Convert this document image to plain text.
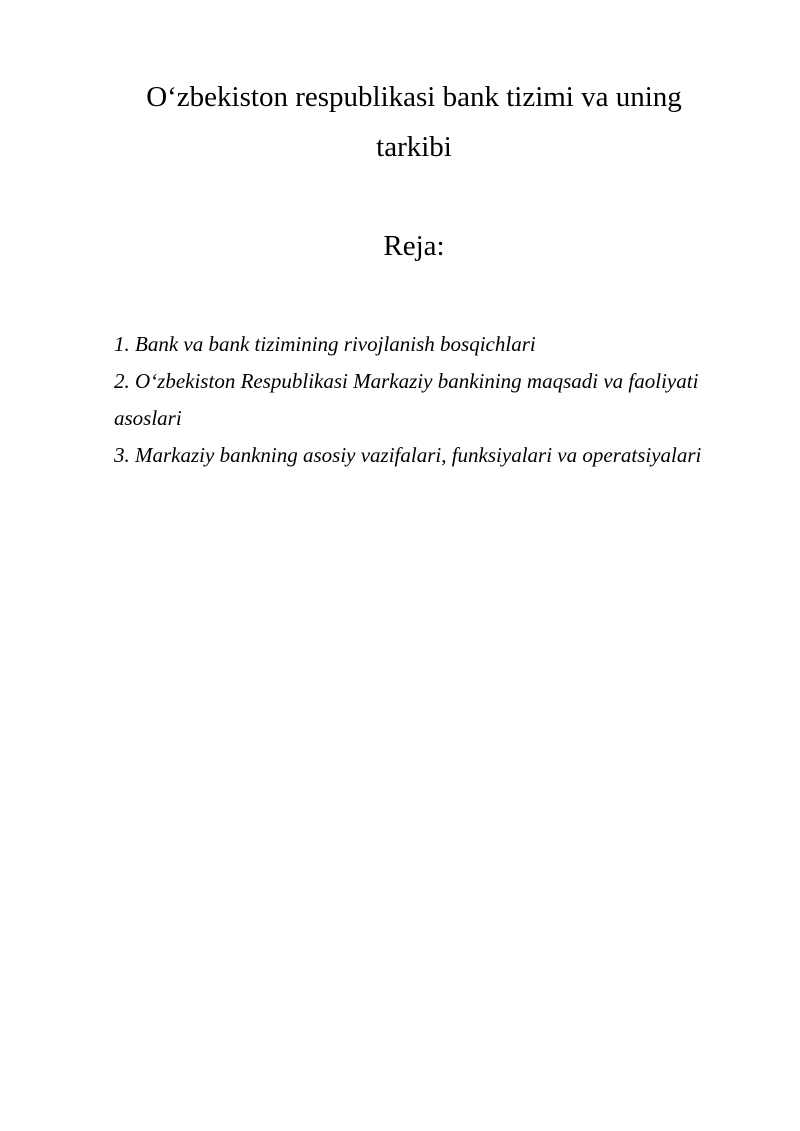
O‘zbekiston respublikasi bank tizimi va uning tarkibi
Reja:
1. Bank va bank tizimining rivojlanish bosqichlari
2. O‘zbekiston Respublikasi Markaziy bankining maqsadi va faoliyati asoslari
3. Markaziy bankning asosiy vazifalari, funksiyalari va operatsiyalari
